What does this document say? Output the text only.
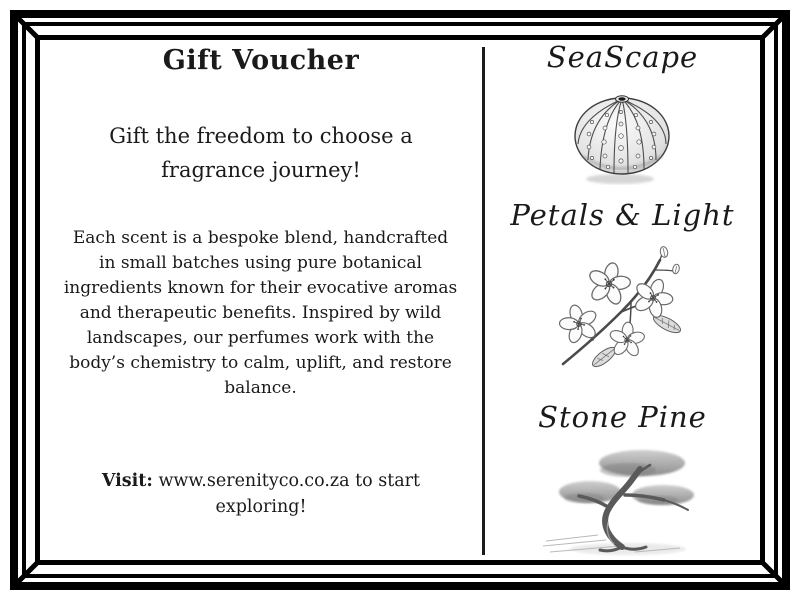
Gift Voucher
Gift the freedom to choose a fragrance journey!
Each scent is a bespoke blend, handcrafted in small batches using pure botanical ingredients known for their evocative aromas and therapeutic benefits. Inspired by wild landscapes, our perfumes work with the body’s chemistry to calm, uplift, and restore balance.
Visit: www.serenityco.co.za to start exploring!
SeaScape
Petals & Light
Stone Pine
